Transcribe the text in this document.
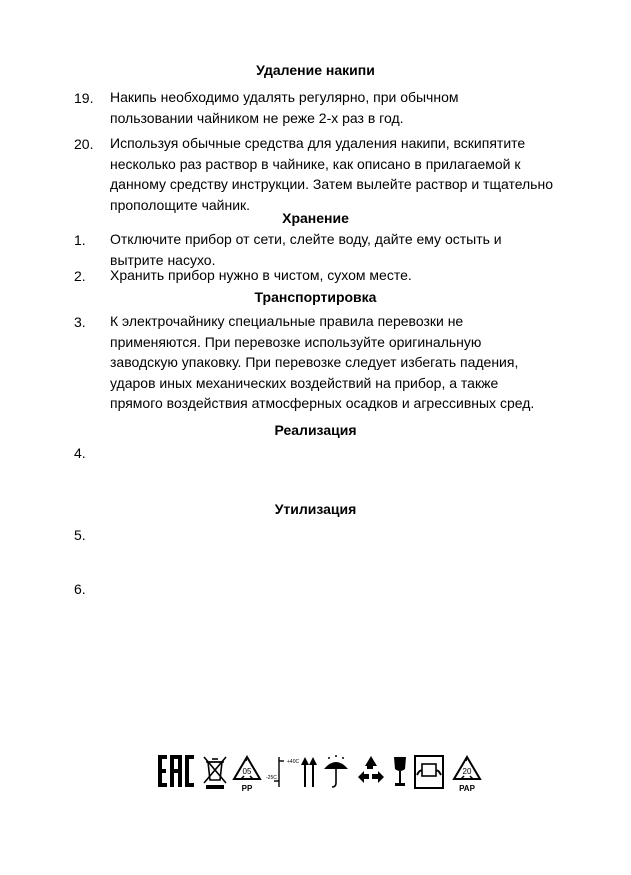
Удаление накипи
19. Накипь необходимо удалять регулярно, при обычном
пользовании чайником не реже 2-х раз в год.
20. Используя обычные средства для удаления накипи, вскипятите
несколько раз раствор в чайнике, как описано в прилагаемой к
данному средству инструкции. Затем вылейте раствор и тщательно
прополощите чайник.
Хранение
1. Отключите прибор от сети, слейте воду, дайте ему остыть и
вытрите насухо.
2. Хранить прибор нужно в чистом, сухом месте.
Транспортировка
3. К электрочайнику специальные правила перевозки не
применяются. При перевозке используйте оригинальную
заводскую упаковку. При перевозке следует избегать падения,
ударов иных механических воздействий на прибор, а также
прямого воздействия атмосферных осадков и агрессивных сред.
Реализация
4.
Утилизация
5.
6.
05
PP
+40C
-25C
20
PAP
